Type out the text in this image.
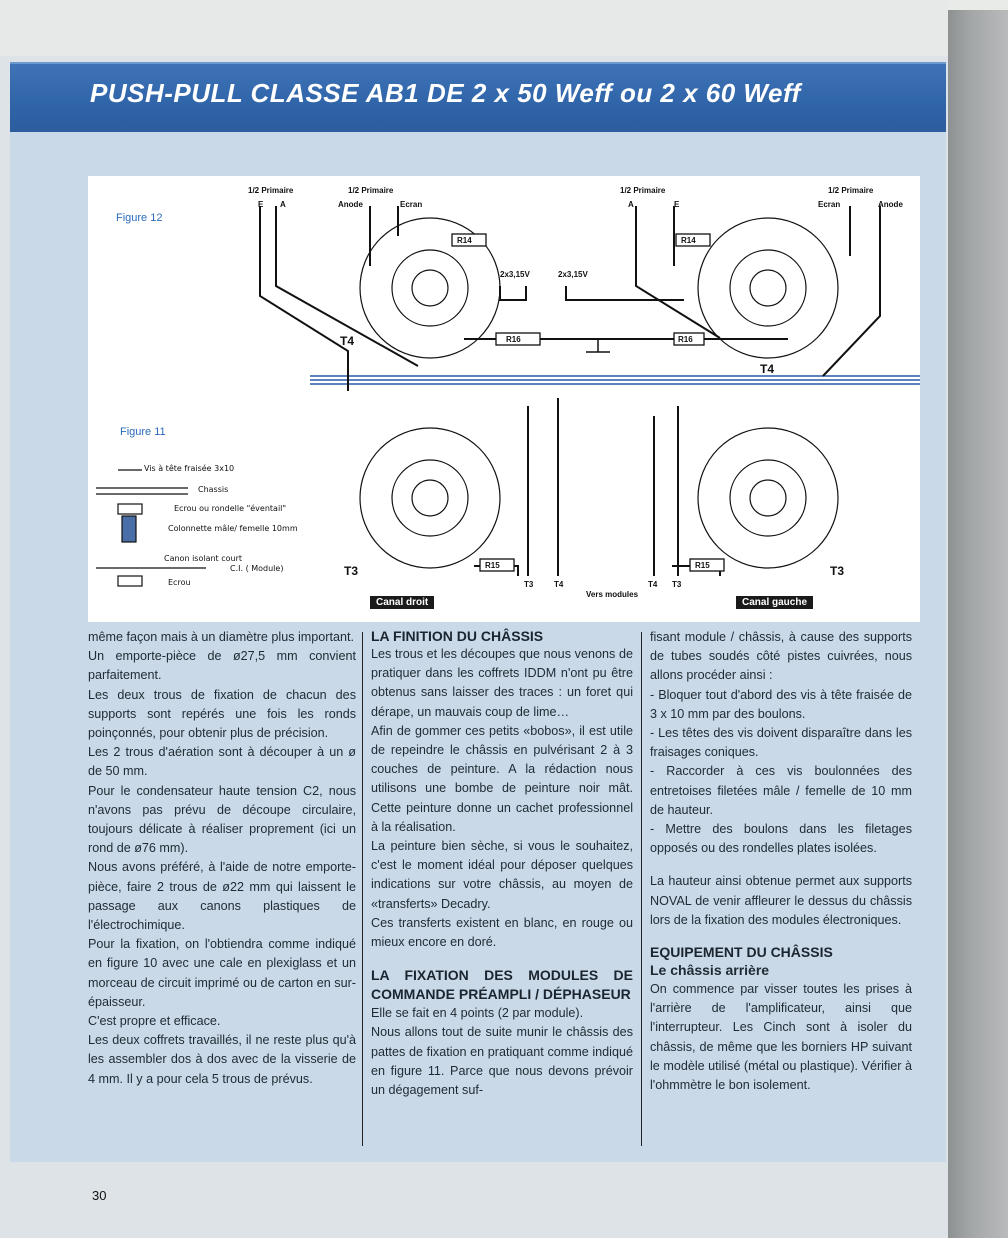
PUSH-PULL CLASSE AB1 DE 2 x 50 Weff ou 2 x 60 Weff
Figure 12
Figure 11
1/2 Primaire
E A
1/2 Primaire
Anode	Ecran
1/2 Primaire
A	E
1/2 Primaire
Ecran	Anode
R14	R14
R16	R16
R15	R15
2x3,15V	2x3,15V
T4
T4
T3	T3
T3	T4	T4 T3
Vers modules
Canal droit	Canal gauche
Vis à tête fraisée 3x10
Chassis
Ecrou ou rondelle "éventail"
Colonnette mâle/ femelle 10mm
Canon isolant court
C.I. ( Module)
Ecrou

même façon mais à un diamètre plus important.

Un emporte-pièce de ø27,5 mm convient parfaitement.

Les deux trous de fixation de chacun des supports sont repérés une fois les ronds poinçonnés, pour obtenir plus de précision.

Les 2 trous d'aération sont à découper à un ø de 50 mm.

Pour le condensateur haute tension C2, nous n'avons pas prévu de découpe circulaire, toujours délicate à réaliser proprement (ici un rond de ø76 mm).

Nous avons préféré, à l'aide de notre emporte-pièce, faire 2 trous de ø22 mm qui laissent le passage aux canons plastiques de l'électrochimique.

Pour la fixation, on l'obtiendra comme indiqué en figure 10 avec une cale en plexiglass et un morceau de circuit imprimé ou de carton en sur-épaisseur.

C'est propre et efficace.

Les deux coffrets travaillés, il ne reste plus qu'à les assembler dos à dos avec de la visserie de 4 mm. Il y a pour cela 5 trous de prévus.

LA FINITION DU CHÂSSIS

Les trous et les découpes que nous venons de pratiquer dans les coffrets IDDM n'ont pu être obtenus sans laisser des traces : un foret qui dérape, un mauvais coup de lime…

Afin de gommer ces petits «bobos», il est utile de repeindre le châssis en pulvérisant 2 à 3 couches de peinture. A la rédaction nous utilisons une bombe de peinture noir mât. Cette peinture donne un cachet professionnel à la réalisation.

La peinture bien sèche, si vous le souhaitez, c'est le moment idéal pour déposer quelques indications sur votre châssis, au moyen de «transferts» Decadry.

Ces transferts existent en blanc, en rouge ou mieux encore en doré.

LA FIXATION DES MODULES DE COMMANDE PRÉAMPLI / DÉPHASEUR

Elle se fait en 4 points (2 par module).

Nous allons tout de suite munir le châssis des pattes de fixation en pratiquant comme indiqué en figure 11. Parce que nous devons prévoir un dégagement suf-

fisant module / châssis, à cause des supports de tubes soudés côté pistes cuivrées, nous allons procéder ainsi :

- Bloquer tout d'abord des vis à tête fraisée de 3 x 10 mm par des boulons.

- Les têtes des vis doivent disparaître dans les fraisages coniques.

- Raccorder à ces vis boulonnées des entretoises filetées mâle / femelle de 10 mm de hauteur.

- Mettre des boulons dans les filetages opposés ou des rondelles plates isolées.

La hauteur ainsi obtenue permet aux supports NOVAL de venir affleurer le dessus du châssis lors de la fixation des modules électroniques.

EQUIPEMENT DU CHÂSSIS
Le châssis arrière

On commence par visser toutes les prises à l'arrière de l'amplificateur, ainsi que l'interrupteur. Les Cinch sont à isoler du châssis, de même que les borniers HP suivant le modèle utilisé (métal ou plastique). Vérifier à l'ohmmètre le bon isolement.

30
